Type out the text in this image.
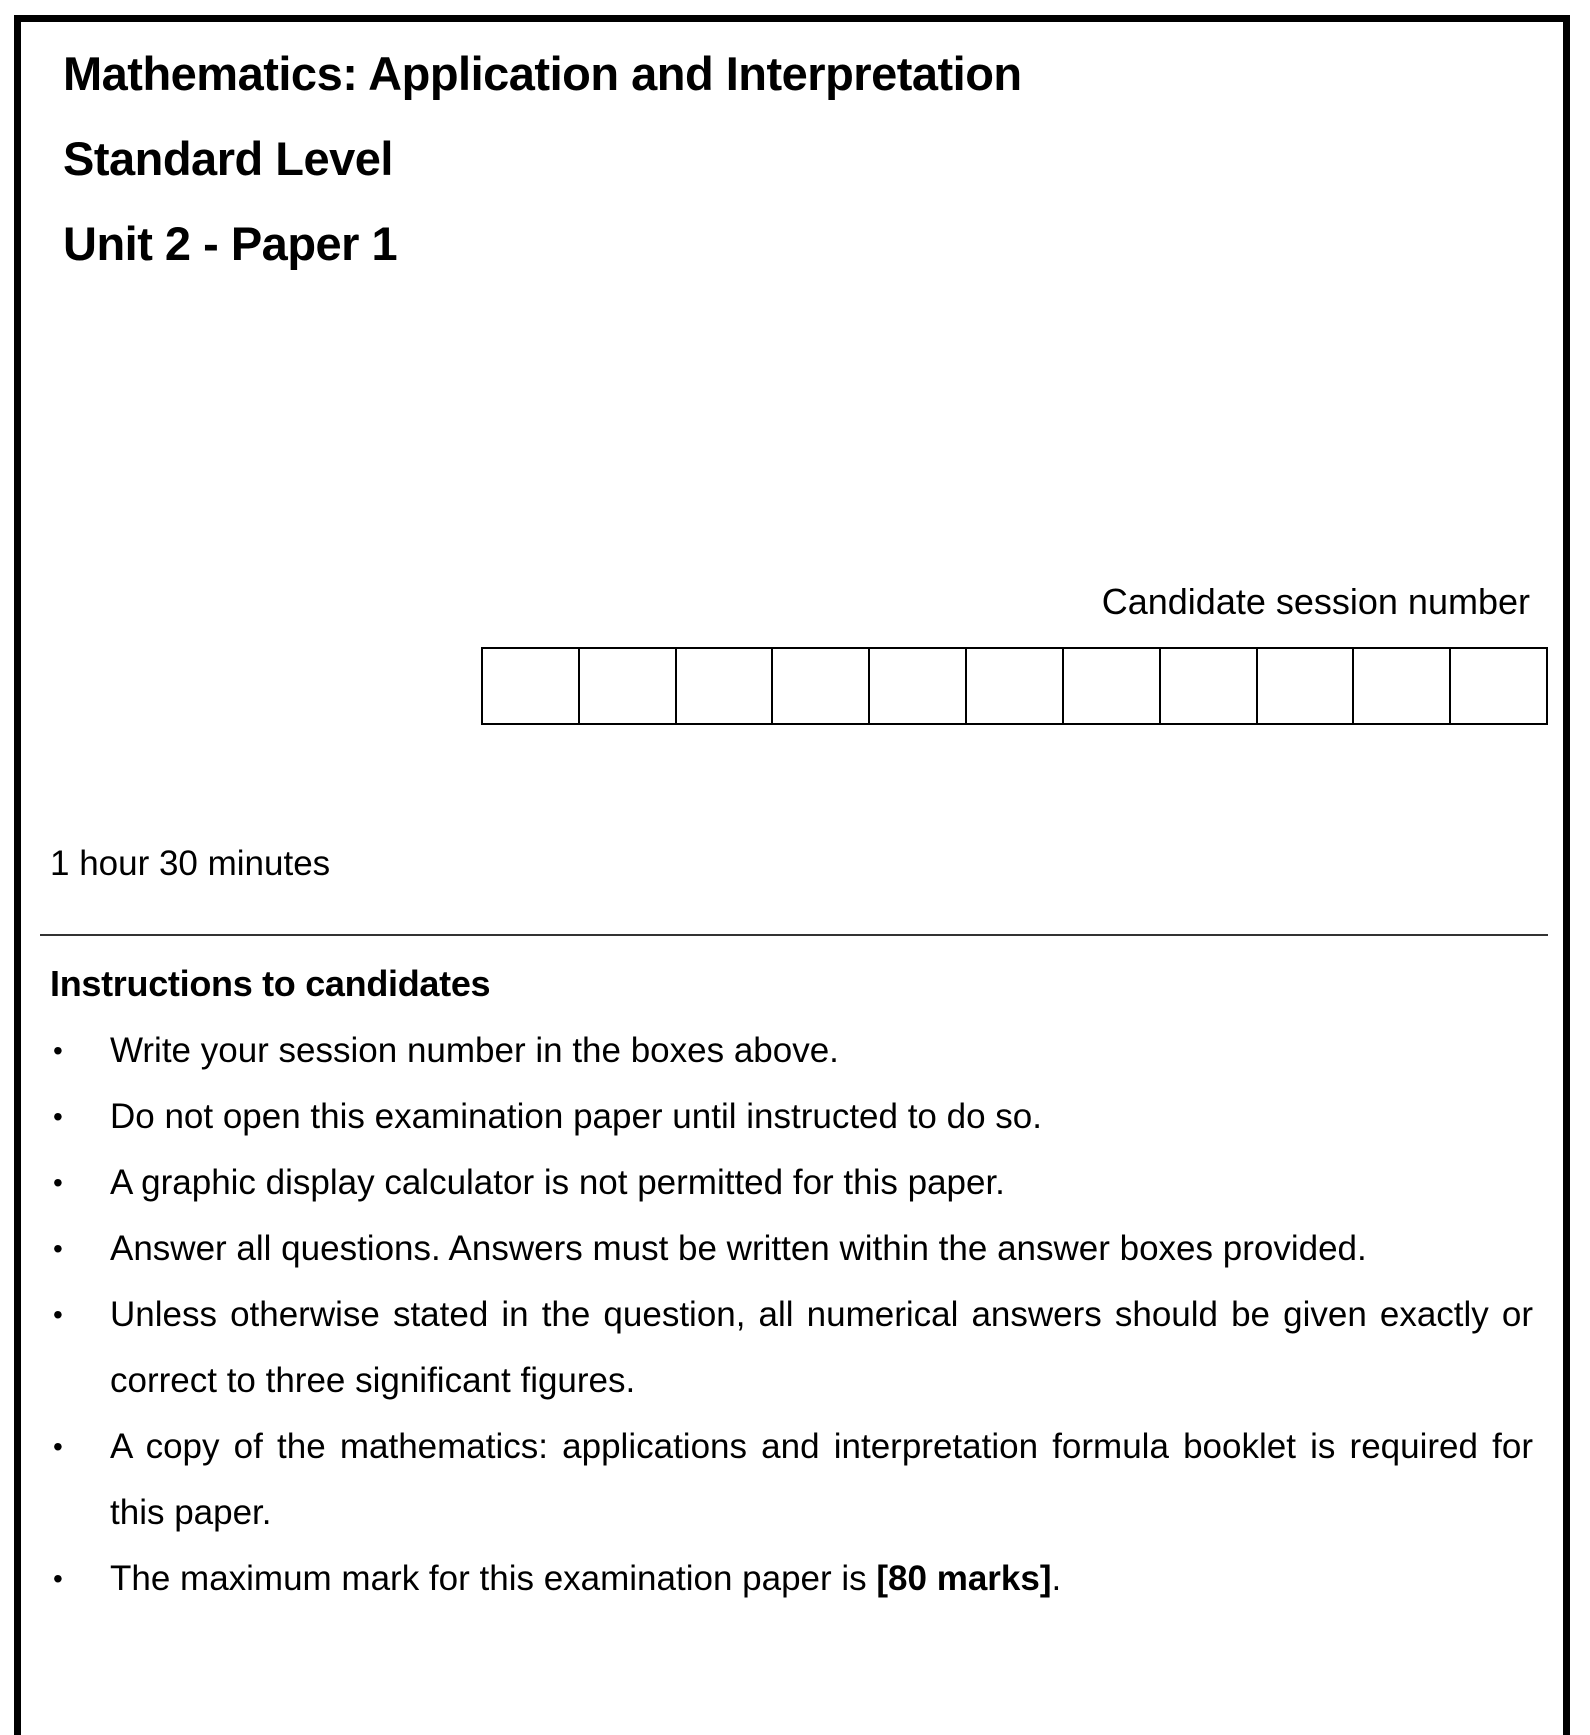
Mathematics: Application and Interpretation
Standard Level
Unit 2 - Paper 1
Candidate session number
1 hour 30 minutes
Instructions to candidates
• Write your session number in the boxes above.
• Do not open this examination paper until instructed to do so.
• A graphic display calculator is not permitted for this paper.
• Answer all questions. Answers must be written within the answer boxes provided.
• Unless otherwise stated in the question, all numerical answers should be given exactly or correct to three significant figures.
• A copy of the mathematics: applications and interpretation formula booklet is required for this paper.
• The maximum mark for this examination paper is [80 marks].
